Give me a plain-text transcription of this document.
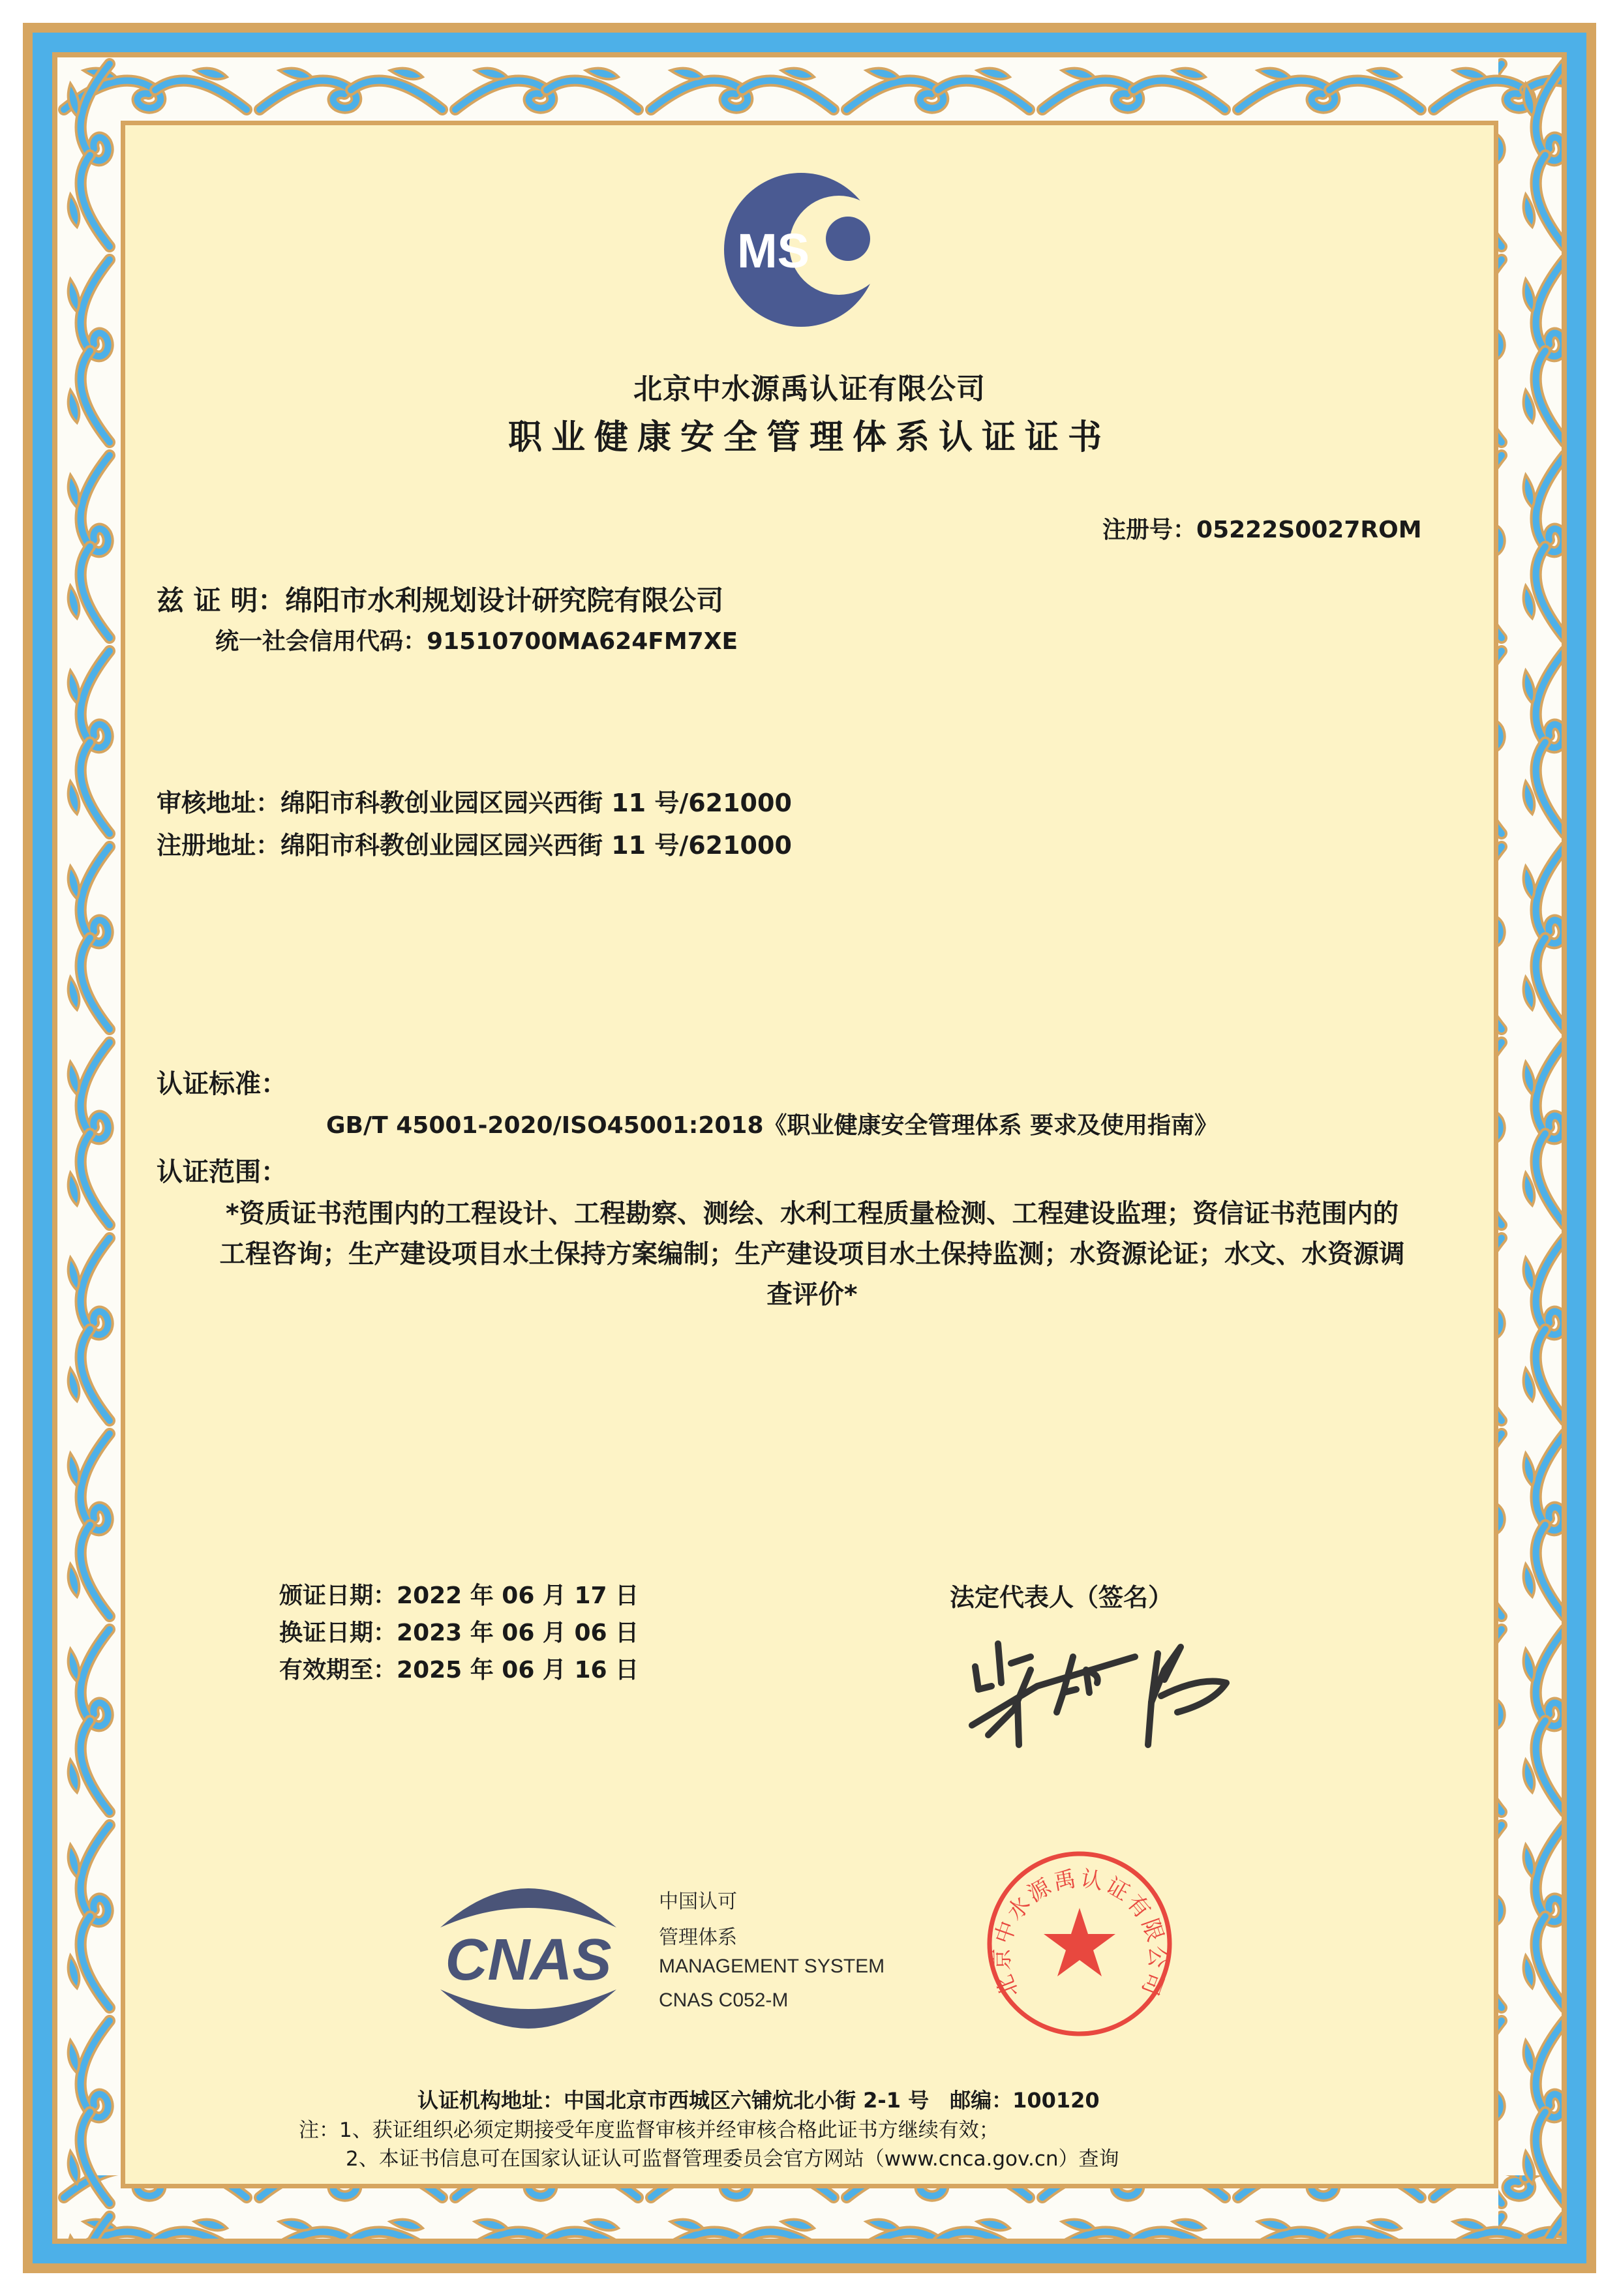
MS
北京中水源禹认证有限公司
职业健康安全管理体系认证证书
注册号：05222S0027ROM
兹 证 明：绵阳市水利规划设计研究院有限公司
统一社会信用代码：91510700MA624FM7XE
审核地址：绵阳市科教创业园区园兴西街 11 号/621000
注册地址：绵阳市科教创业园区园兴西街 11 号/621000
认证标准：
GB/T 45001-2020/ISO45001:2018《职业健康安全管理体系 要求及使用指南》
认证范围：
*资质证书范围内的工程设计、工程勘察、测绘、水利工程质量检测、工程建设监理；资信证书范围内的
工程咨询；生产建设项目水土保持方案编制；生产建设项目水土保持监测；水资源论证；水文、水资源调
查评价*
颁证日期：2022 年 06 月 17 日
换证日期：2023 年 06 月 06 日
有效期至：2025 年 06 月 16 日
法定代表人（签名）
CNAS
中国认可
管理体系
MANAGEMENT SYSTEM
CNAS C052-M	北京中水源禹认证有限公司
认证机构地址：中国北京市西城区六铺炕北小街 2-1 号　邮编：100120
注：1、获证组织必须定期接受年度监督审核并经审核合格此证书方继续有效；
2、本证书信息可在国家认证认可监督管理委员会官方网站（www.cnca.gov.cn）查询
